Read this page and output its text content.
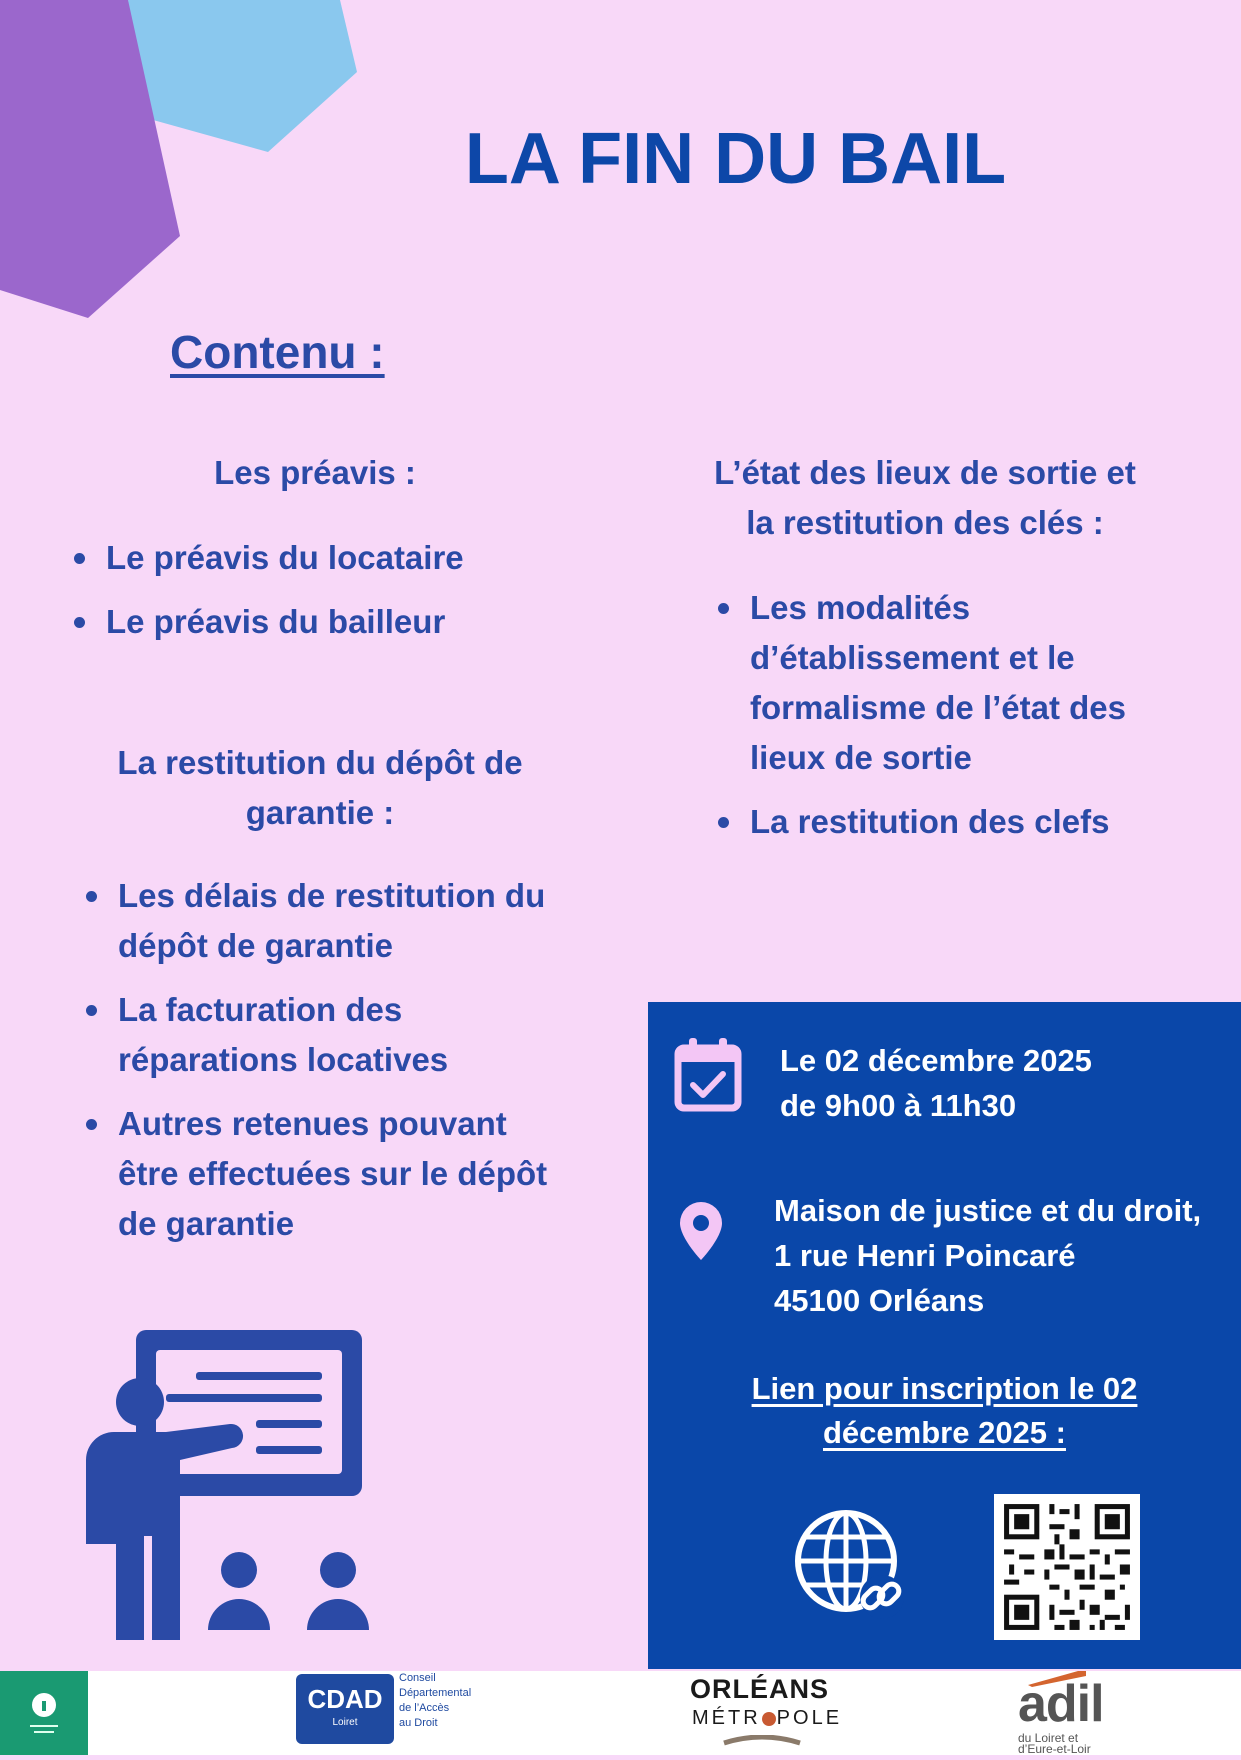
LA FIN DU BAIL
Contenu :
Les préavis :
Le préavis du locataire
Le préavis du bailleur
La restitution du dépôt de
garantie :
Les délais de restitution du
dépôt de garantie
La facturation des
réparations locatives
Autres retenues pouvant
être effectuées sur le dépôt
de garantie
L’état des lieux de sortie et
la restitution des clés :
Les modalités
d’établissement et le
formalisme de l’état des
lieux de sortie
La restitution des clefs

Le 02 décembre 2025
de 9h00 à 11h30

Maison de justice et du droit,
1 rue Henri Poincaré
45100 Orléans

Lien pour inscription le 02
décembre 2025 :
CDAD
Loiret
Conseil
Départemental
de l’Accès
au Droit
ORLÉANS
MÉTR POLE	adil
du Loiret et
d’Eure-et-Loir
